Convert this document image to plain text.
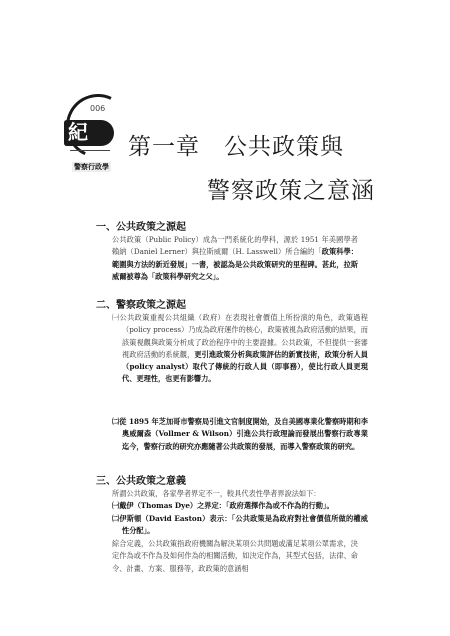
紀
006
警察行政學
第一章　公共政策與
警察政策之意涵
一、公共政策之源起
公共政策（Public Policy）成為一門系統化的學科，源於 1951 年美國學者賴納（Daniel Lerner）與拉斯威爾（H. Lasswell）所合編的「政策科學：範圍與方法的新近發展」一書，被認為是公共政策研究的里程碑。甚此，拉斯威爾被尊為「政策科學研究之父」。
二、警察政策之源起
㈠公共政策重視公共組織（政府）在表現社會價值上所扮演的角色，政策過程（policy process）乃成為政府運作的核心，政策被視為政府活動的結果，而該策視觀與政策分析成了政治程序中的主要證據。公共政策，不但提供一套審視政府活動的系統觀，更引進政策分析與政策評估的新實技術，政策分析人員（policy analyst）取代了傳統的行政人員（即事務），使比行政人員更現代、更理性，也更有影響力。
㈡從 1895 年芝加哥市警察局引進文官制度開始，及自美國專業化警察時期和李奧威爾森（Vollmer & Wilson）引進公共行政理論而發展出警察行政專業迄今，警察行政的研究亦應隨著公共政策的發展，而導入警察政策的研究。
三、公共政策之意義
所謂公共政策，各家學者界定不一，較具代表性學者界說法如下：
㈠戴伊（Thomas Dye）之界定：「政府選擇作為或不作為的行動」。
㈡伊斯頓（David Easton）表示：「公共政策是為政府對社會價值所做的權威性分配」。
綜合定義，公共政策指政府機關為解決某項公共問題或滿足某項公眾需求，決定作為或不作為及如何作為的相關活動，如決定作為，其型式包括，法律、命令、計畫、方案、服務等，政政策的意涵相
